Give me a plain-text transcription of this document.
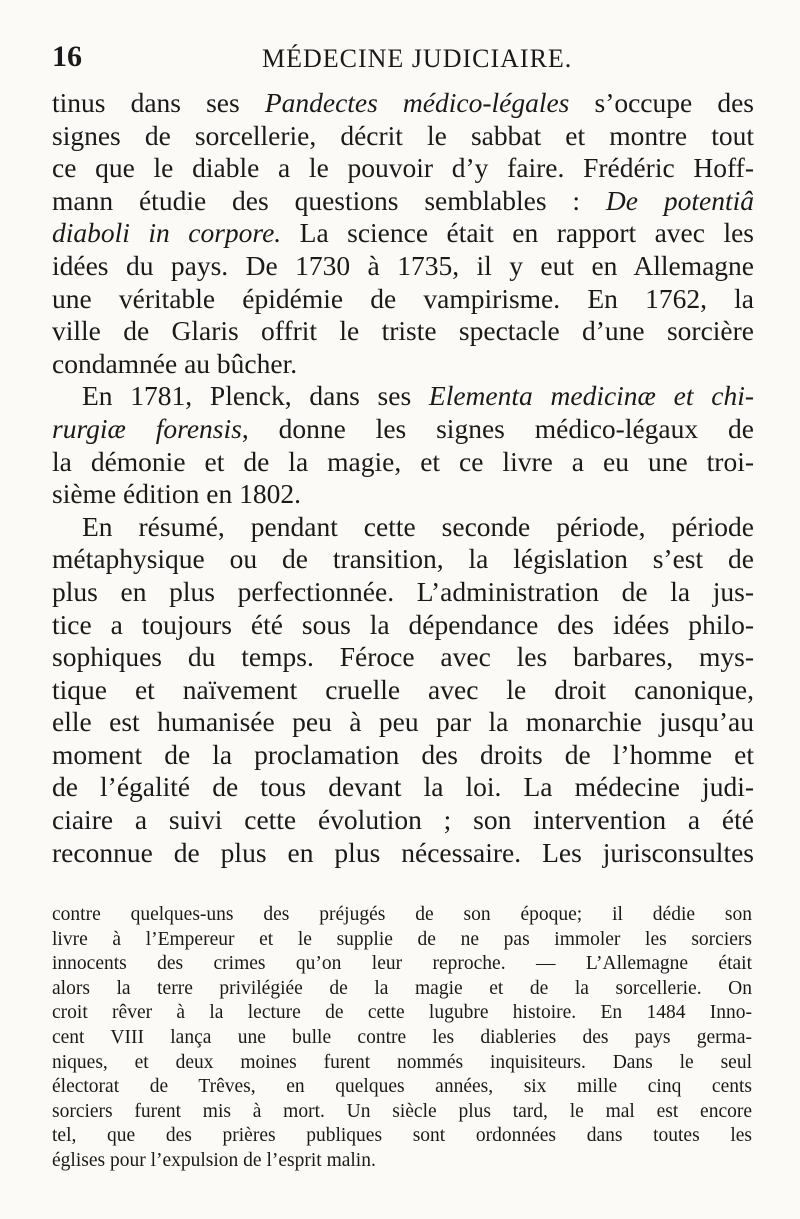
16	MÉDECINE JUDICIAIRE.
tinus dans ses Pandectes médico-légales s’occupe des
signes de sorcellerie, décrit le sabbat et montre tout
ce que le diable a le pouvoir d’y faire. Frédéric Hoff-
mann étudie des questions semblables : De potentiâ
diaboli in corpore. La science était en rapport avec les
idées du pays. De 1730 à 1735, il y eut en Allemagne
une véritable épidémie de vampirisme. En 1762, la
ville de Glaris offrit le triste spectacle d’une sorcière
condamnée au bûcher.
En 1781, Plenck, dans ses Elementa medicinæ et chi-
rurgiæ forensis, donne les signes médico-légaux de
la démonie et de la magie, et ce livre a eu une troi-
sième édition en 1802.
En résumé, pendant cette seconde période, période
métaphysique ou de transition, la législation s’est de
plus en plus perfectionnée. L’administration de la jus-
tice a toujours été sous la dépendance des idées philo-
sophiques du temps. Féroce avec les barbares, mys-
tique et naïvement cruelle avec le droit canonique,
elle est humanisée peu à peu par la monarchie jusqu’au
moment de la proclamation des droits de l’homme et
de l’égalité de tous devant la loi. La médecine judi-
ciaire a suivi cette évolution ; son intervention a été
reconnue de plus en plus nécessaire. Les jurisconsultes
contre quelques-uns des préjugés de son époque; il dédie son
livre à l’Empereur et le supplie de ne pas immoler les sorciers
innocents des crimes qu’on leur reproche. — L’Allemagne était
alors la terre privilégiée de la magie et de la sorcellerie. On
croit rêver à la lecture de cette lugubre histoire. En 1484 Inno-
cent VIII lança une bulle contre les diableries des pays germa-
niques, et deux moines furent nommés inquisiteurs. Dans le seul
électorat de Trêves, en quelques années, six mille cinq cents
sorciers furent mis à mort. Un siècle plus tard, le mal est encore
tel, que des prières publiques sont ordonnées dans toutes les
églises pour l’expulsion de l’esprit malin.
